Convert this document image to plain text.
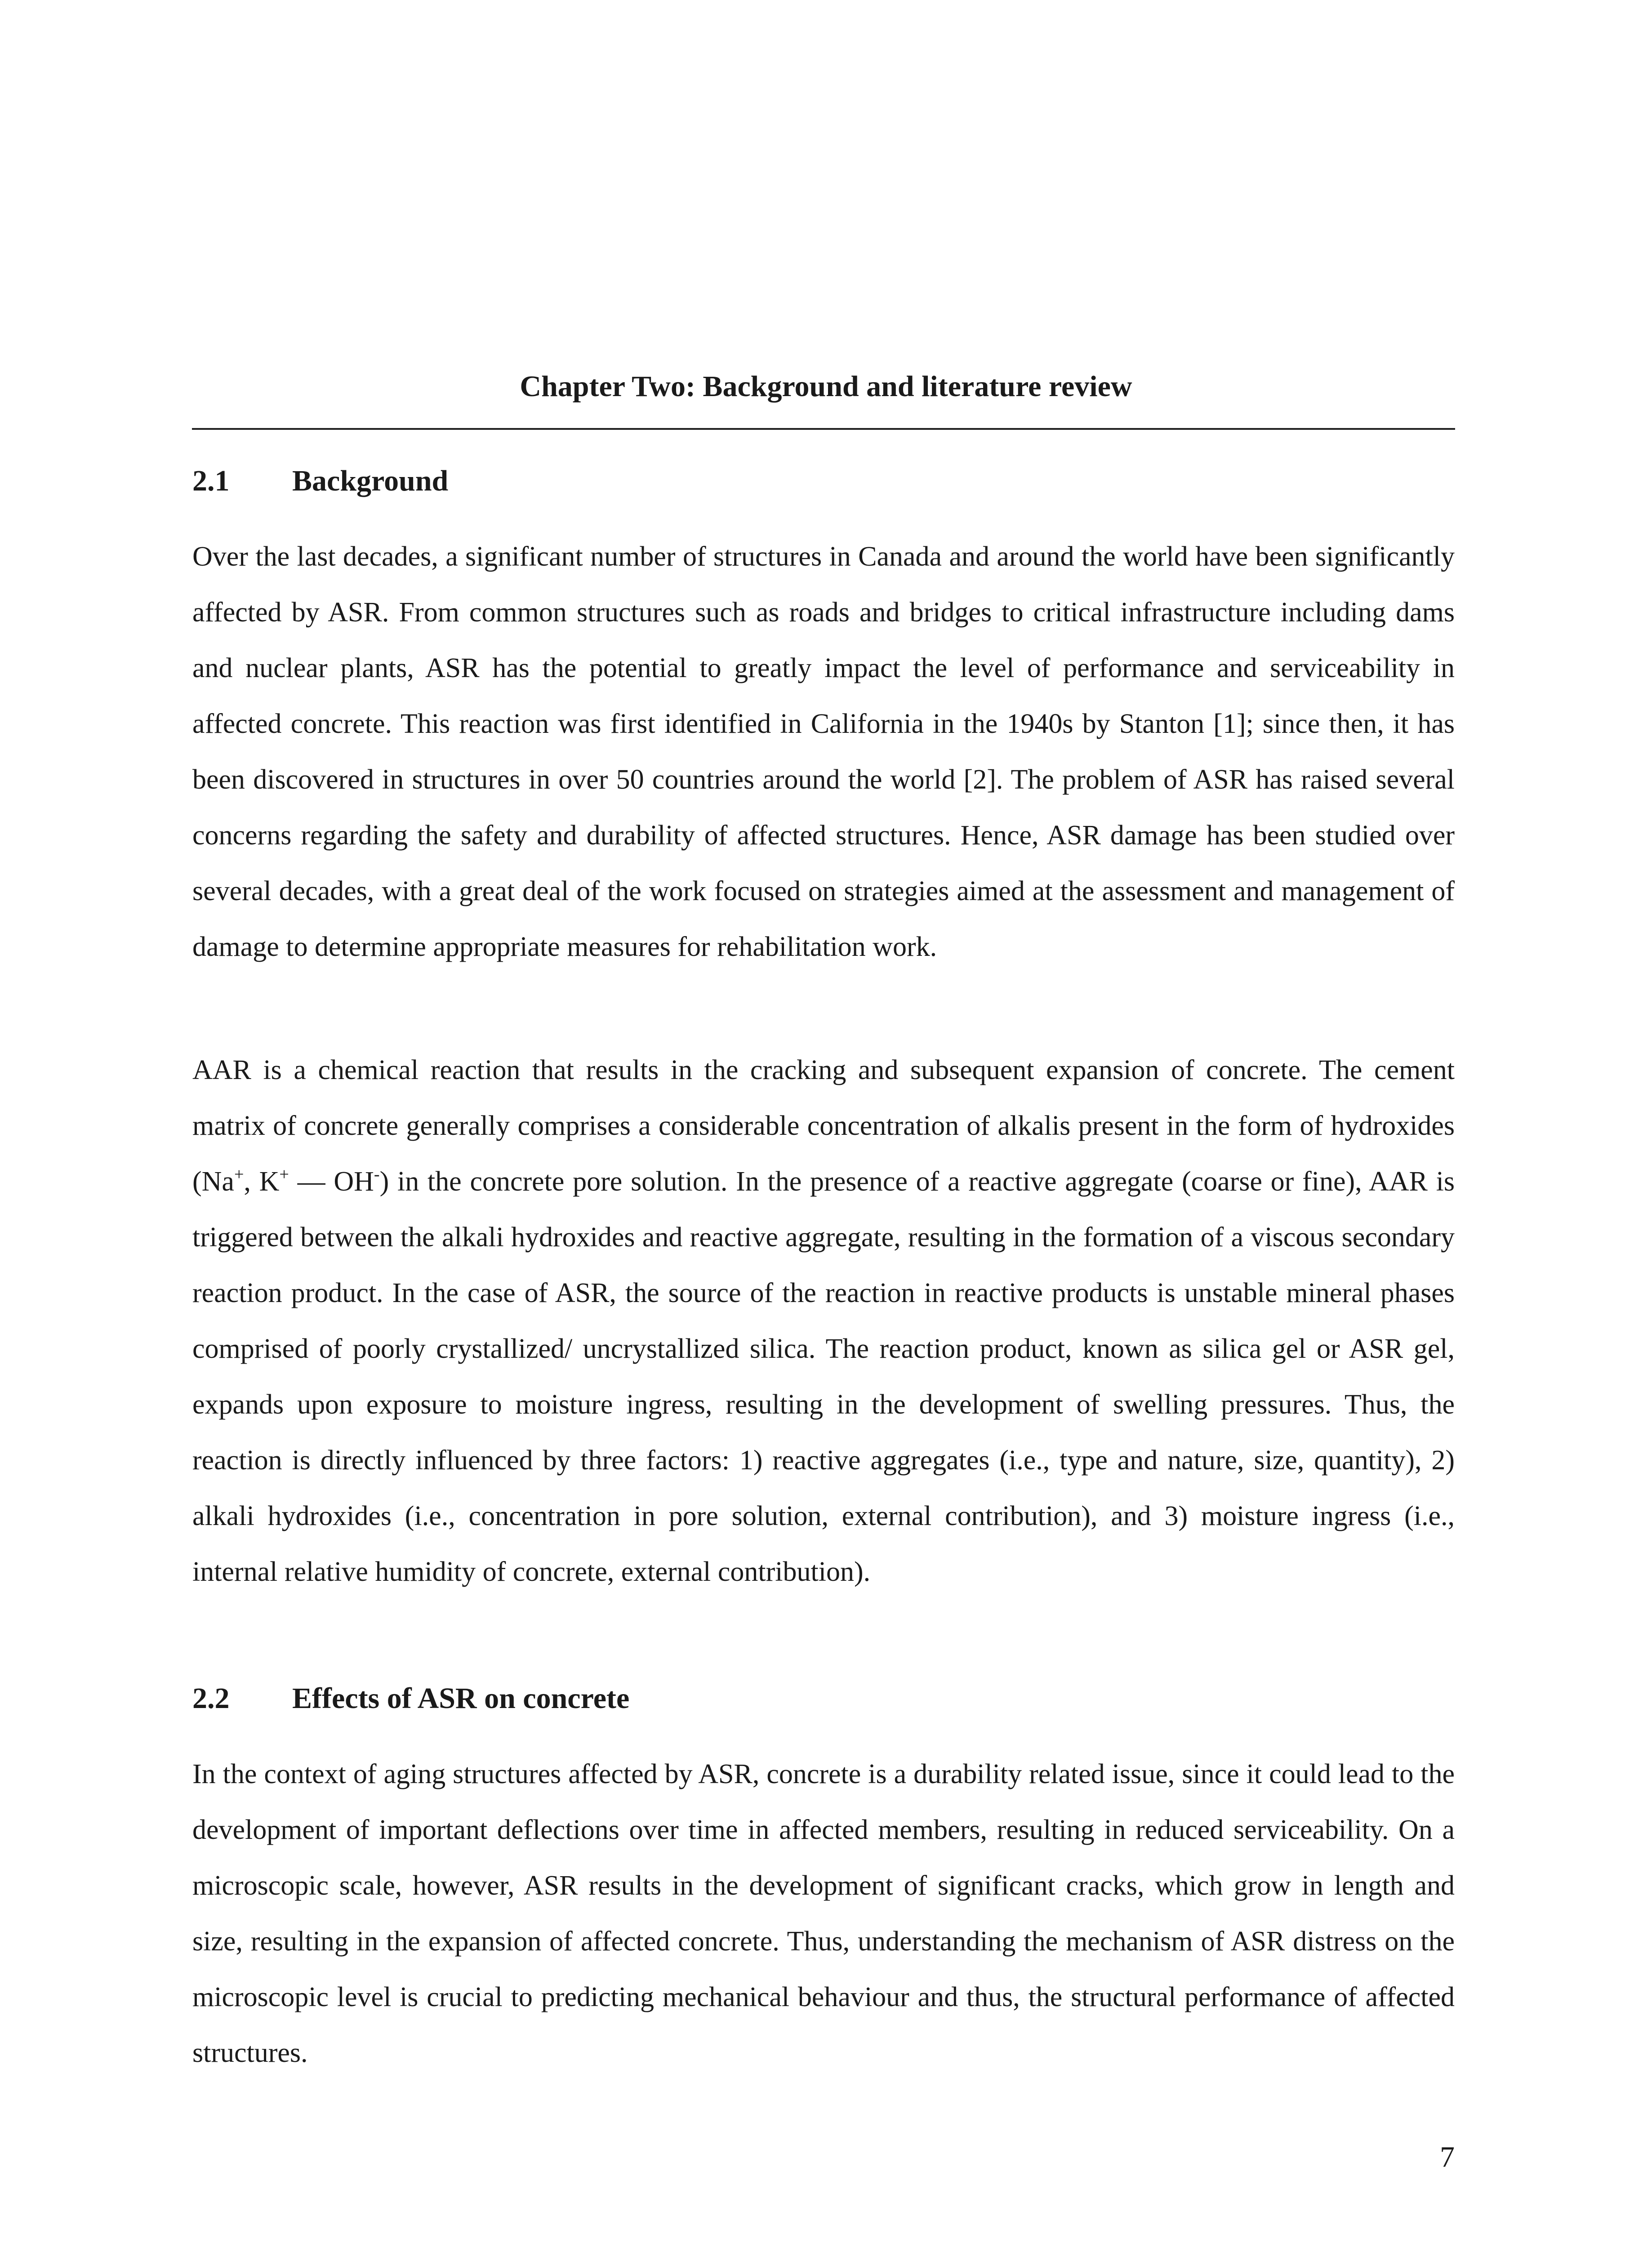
Chapter Two: Background and literature review
2.1 Background

Over the last decades, a significant number of structures in Canada and around the world have been significantly affected by ASR. From common structures such as roads and bridges to critical infrastructure including dams and nuclear plants, ASR has the potential to greatly impact the level of performance and serviceability in affected concrete. This reaction was first identified in California in the 1940s by Stanton [1]; since then, it has been discovered in structures in over 50 countries around the world [2]. The problem of ASR has raised several concerns regarding the safety and durability of affected structures. Hence, ASR damage has been studied over several decades, with a great deal of the work focused on strategies aimed at the assessment and management of damage to determine appropriate measures for rehabilitation work.

AAR is a chemical reaction that results in the cracking and subsequent expansion of concrete. The cement matrix of concrete generally comprises a considerable concentration of alkalis present in the form of hydroxides (Na+, K+ — OH-) in the concrete pore solution. In the presence of a reactive aggregate (coarse or fine), AAR is triggered between the alkali hydroxides and reactive aggregate, resulting in the formation of a viscous secondary reaction product. In the case of ASR, the source of the reaction in reactive products is unstable mineral phases comprised of poorly crystallized/ uncrystallized silica. The reaction product, known as silica gel or ASR gel, expands upon exposure to moisture ingress, resulting in the development of swelling pressures. Thus, the reaction is directly influenced by three factors: 1) reactive aggregates (i.e., type and nature, size, quantity), 2) alkali hydroxides (i.e., concentration in pore solution, external contribution), and 3) moisture ingress (i.e., internal relative humidity of concrete, external contribution).

2.2 Effects of ASR on concrete

In the context of aging structures affected by ASR, concrete is a durability related issue, since it could lead to the development of important deflections over time in affected members, resulting in reduced serviceability. On a microscopic scale, however, ASR results in the development of significant cracks, which grow in length and size, resulting in the expansion of affected concrete. Thus, understanding the mechanism of ASR distress on the microscopic level is crucial to predicting mechanical behaviour and thus, the structural performance of affected structures.

7
